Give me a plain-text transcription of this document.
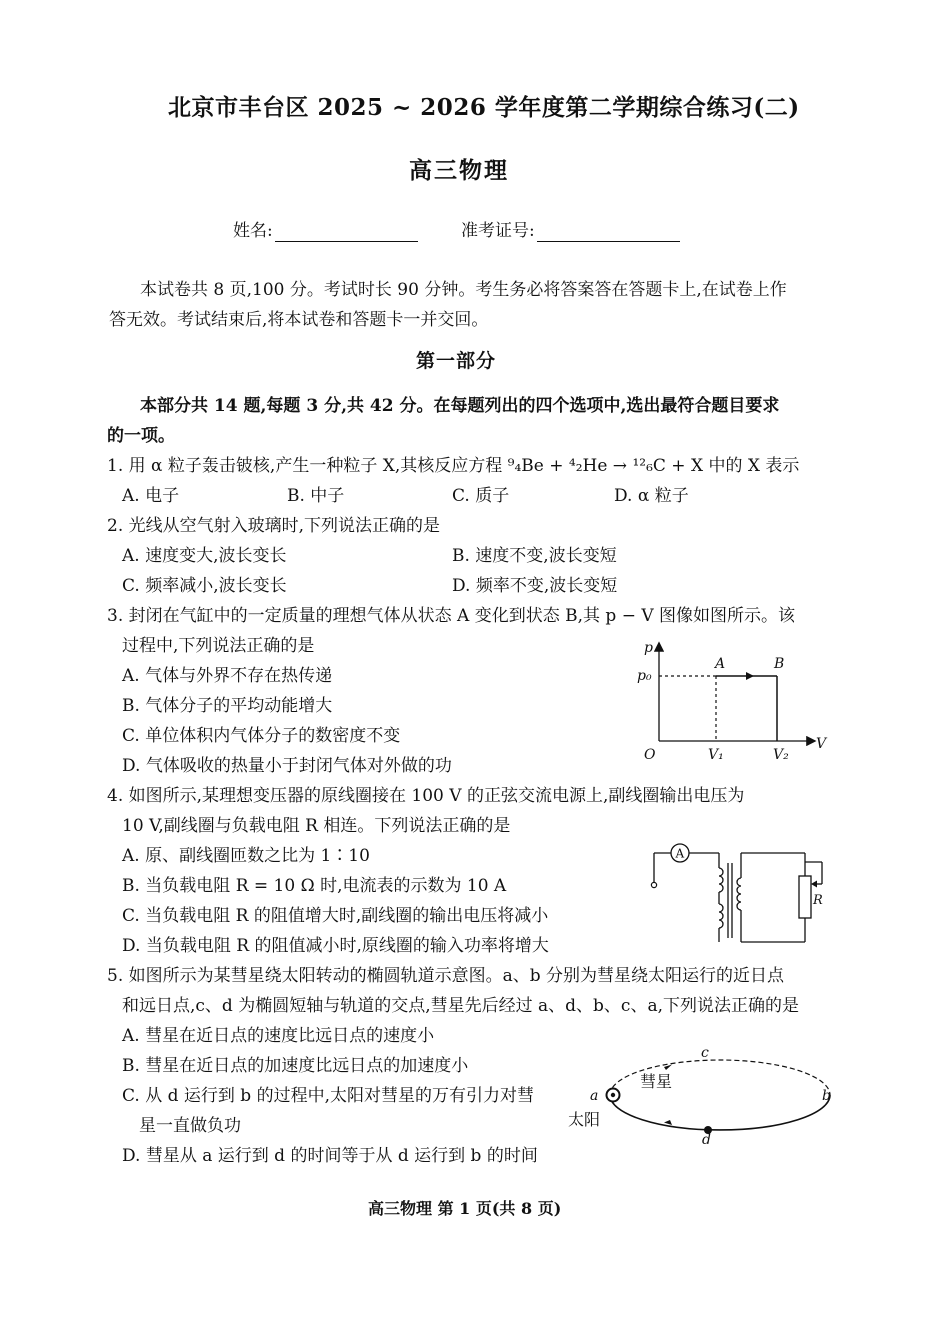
北京市丰台区 2025 ~ 2026 学年度第二学期综合练习(二)
高三物理
姓名:	准考证号:
本试卷共 8 页,100 分。考试时长 90 分钟。考生务必将答案答在答题卡上,在试卷上作
答无效。考试结束后,将本试卷和答题卡一并交回。
第一部分
本部分共 14 题,每题 3 分,共 42 分。在每题列出的四个选项中,选出最符合题目要求
的一项。
1. 用 α 粒子轰击铍核,产生一种粒子 X,其核反应方程 ⁹₄Be + ⁴₂He → ¹²₆C + X 中的 X 表示
A. 电子	B. 中子	C. 质子	D. α 粒子
2. 光线从空气射入玻璃时,下列说法正确的是
A. 速度变大,波长变长	B. 速度不变,波长变短
C. 频率减小,波长变长	D. 频率不变,波长变短
3. 封闭在气缸中的一定质量的理想气体从状态 A 变化到状态 B,其 p − V 图像如图所示。该
过程中,下列说法正确的是
A. 气体与外界不存在热传递
B. 气体分子的平均动能增大
C. 单位体积内气体分子的数密度不变
D. 气体吸收的热量小于封闭气体对外做的功
p
V
O
p₀
V₁	V₂
A	B
4. 如图所示,某理想变压器的原线圈接在 100 V 的正弦交流电源上,副线圈输出电压为
10 V,副线圈与负载电阻 R 相连。下列说法正确的是
A. 原、副线圈匝数之比为 1∶10
B. 当负载电阻 R = 10 Ω 时,电流表的示数为 10 A
C. 当负载电阻 R 的阻值增大时,副线圈的输出电压将减小
D. 当负载电阻 R 的阻值减小时,原线圈的输入功率将增大
A
R
5. 如图所示为某彗星绕太阳转动的椭圆轨道示意图。a、b 分别为彗星绕太阳运行的近日点
和远日点,c、d 为椭圆短轴与轨道的交点,彗星先后经过 a、d、b、c、a,下列说法正确的是
A. 彗星在近日点的速度比远日点的速度小
B. 彗星在近日点的加速度比远日点的加速度小
C. 从 d 运行到 b 的过程中,太阳对彗星的万有引力对彗
星一直做负功
D. 彗星从 a 运行到 d 的时间等于从 d 运行到 b 的时间
a	b
c
d
彗星
太阳
高三物理 第 1 页(共 8 页)
